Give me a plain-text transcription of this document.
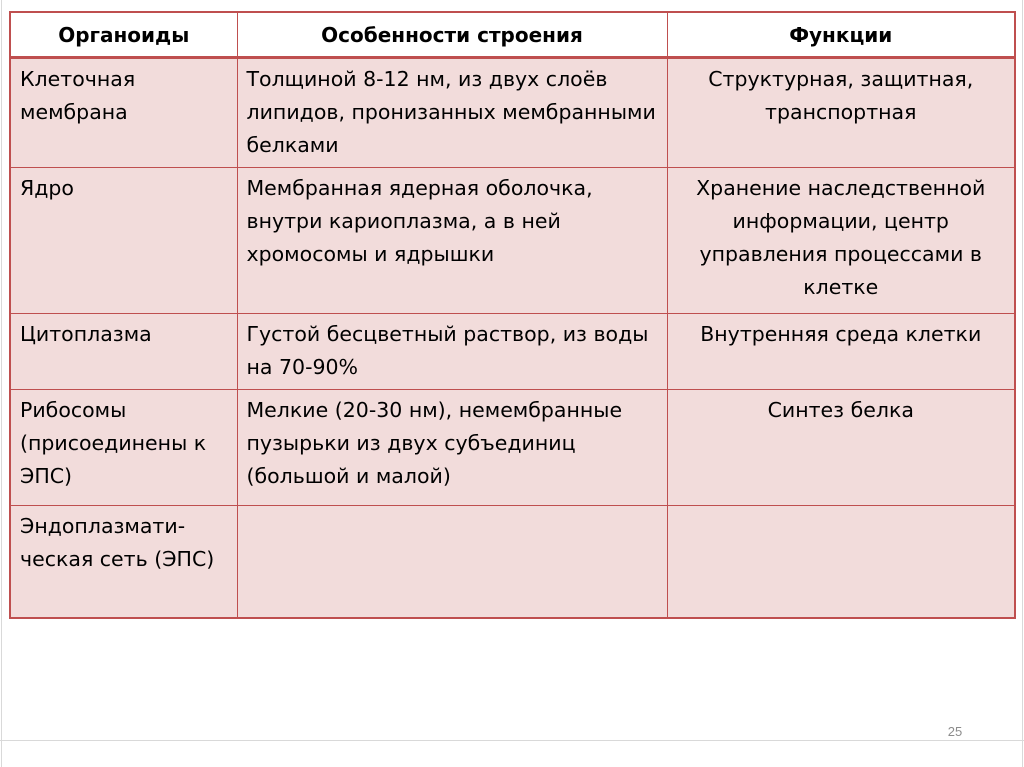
Органоиды	Особенности строения	Функции
Клеточная мембрана	Толщиной 8-12 нм, из двух слоёв липидов, пронизанных мембранными белками	Структурная, защитная, транспортная
Ядро	Мембранная ядерная оболочка, внутри кариоплазма, а в ней хромосомы и ядрышки	Хранение наследственной информации, центр управления процессами в клетке
Цитоплазма	Густой бесцветный раствор, из воды на 70-90%	Внутренняя среда клетки
Рибосомы (присоединены к ЭПС)	Мелкие (20-30 нм), немембранные пузырьки из двух субъединиц (большой и малой)	Синтез белка
Эндоплазмати-ческая сеть (ЭПС)		
25
